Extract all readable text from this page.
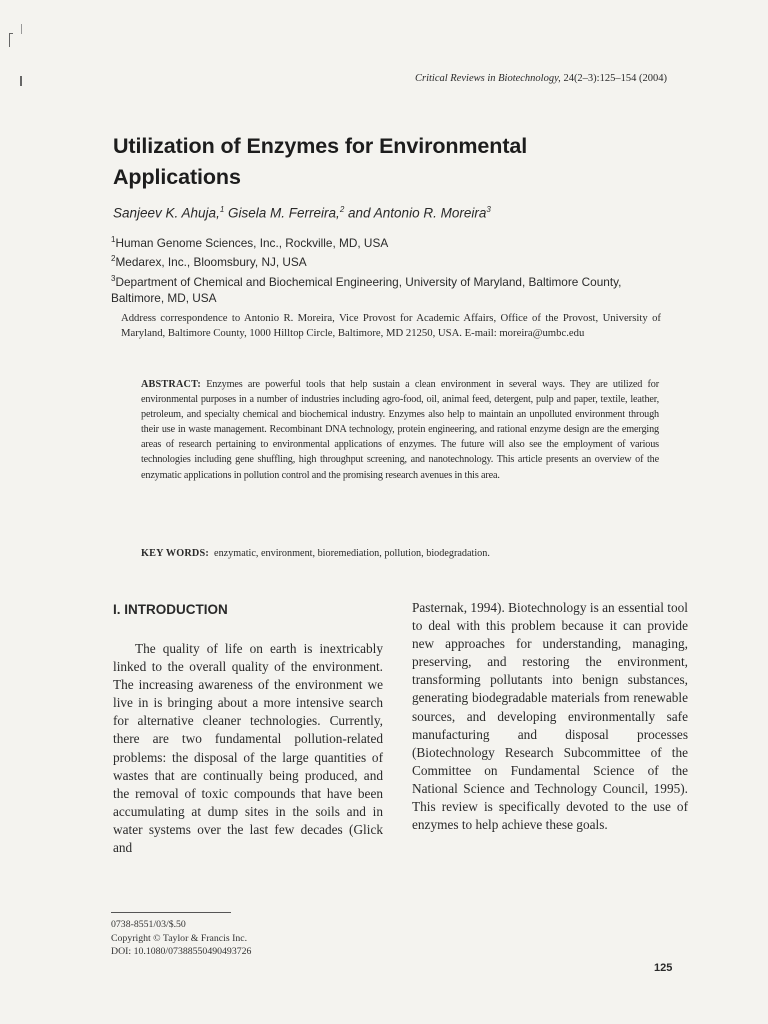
Critical Reviews in Biotechnology, 24(2–3):125–154 (2004)
Utilization of Enzymes for Environmental
Applications
Sanjeev K. Ahuja,$^1$ Gisela M. Ferreira,$^2$ and Antonio R. Moreira$^3$
$^1$Human Genome Sciences, Inc., Rockville, MD, USA
$^2$Medarex, Inc., Bloomsbury, NJ, USA
$^3$Department of Chemical and Biochemical Engineering, University of Maryland, Baltimore County,
Baltimore, MD, USA
Address correspondence to Antonio R. Moreira, Vice Provost for Academic Affairs, Office of the Provost, University of Maryland, Baltimore County, 1000 Hilltop Circle, Baltimore, MD 21250, USA. E-mail: moreira@umbc.edu
ABSTRACT: Enzymes are powerful tools that help sustain a clean environment in several ways. They are utilized for environmental purposes in a number of industries including agro-food, oil, animal feed, detergent, pulp and paper, textile, leather, petroleum, and specialty chemical and biochemical industry. Enzymes also help to maintain an unpolluted environment through their use in waste management. Recombinant DNA technology, protein engineering, and rational enzyme design are the emerging areas of research pertaining to environmental applications of enzymes. The future will also see the employment of various technologies including gene shuffling, high throughput screening, and nanotechnology. This article presents an overview of the enzymatic applications in pollution control and the promising research avenues in this area.
KEY WORDS: enzymatic, environment, bioremediation, pollution, biodegradation.
I. INTRODUCTION
The quality of life on earth is inextricably linked to the overall quality of the environment. The increasing awareness of the environment we live in is bringing about a more intensive search for alternative cleaner technologies. Currently, there are two fundamental pollution-related problems: the disposal of the large quantities of wastes that are continually being produced, and the removal of toxic compounds that have been accumulating at dump sites in the soils and in water systems over the last few decades (Glick and
Pasternak, 1994). Biotechnology is an essential tool to deal with this problem because it can provide new approaches for understanding, managing, preserving, and restoring the environment, transforming pollutants into benign substances, generating biodegradable materials from renewable sources, and developing environmentally safe manufacturing and disposal processes (Biotechnology Research Subcommittee of the Committee on Fundamental Science of the National Science and Technology Council, 1995). This review is specifically devoted to the use of enzymes to help achieve these goals.
0738-8551/03/$.50
Copyright © Taylor & Francis Inc.
DOI: 10.1080/07388550490493726
125
